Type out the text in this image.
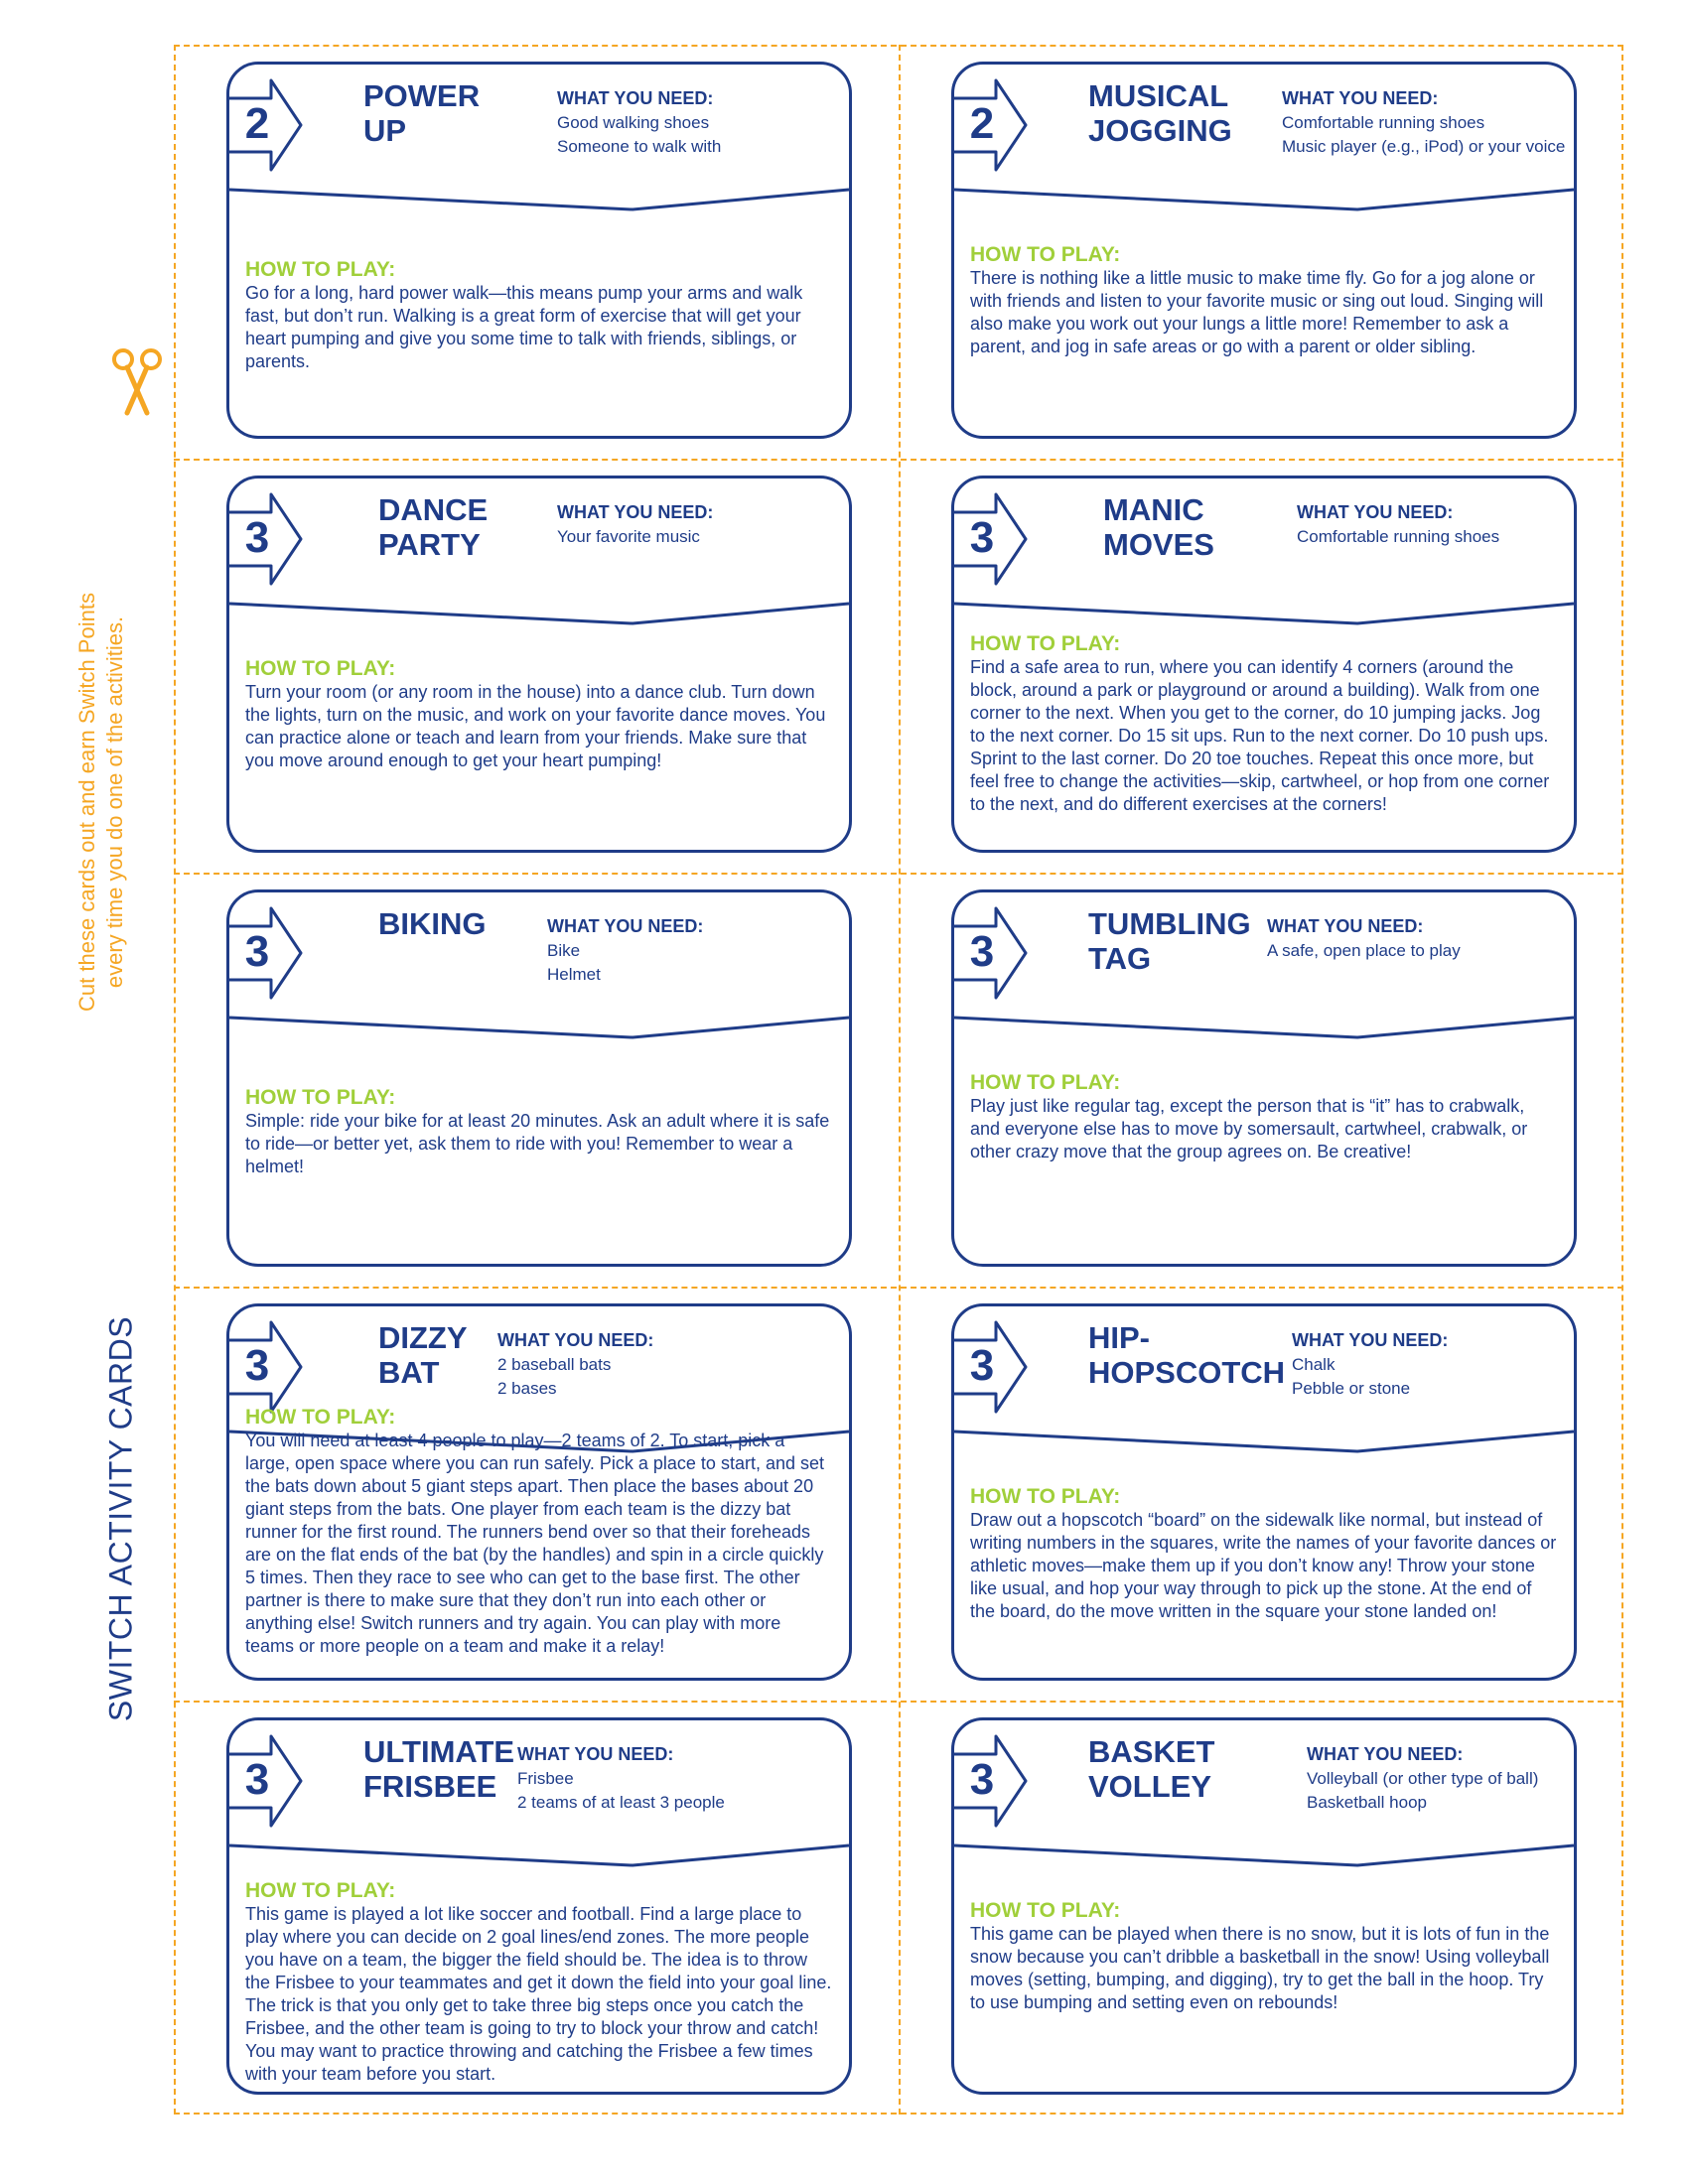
Cut these cards out and earn Switch Points every time you do one of the activities.
SWITCH ACTIVITY CARDS
2
POWER
UP
WHAT YOU NEED:
Good walking shoes
Someone to walk with
HOW TO PLAY:
Go for a long, hard power walk—this means pump your arms and walk fast, but don’t run. Walking is a great form of exercise that will get your heart pumping and give you some time to talk with friends, siblings, or parents.
2
MUSICAL
JOGGING
WHAT YOU NEED:
Comfortable running shoes
Music player (e.g., iPod) or your voice
HOW TO PLAY:
There is nothing like a little music to make time fly. Go for a jog alone or with friends and listen to your favorite music or sing out loud. Singing will also make you work out your lungs a little more! Remember to ask a parent, and jog in safe areas or go with a parent or older sibling.
3
DANCE
PARTY
WHAT YOU NEED:
Your favorite music
HOW TO PLAY:
Turn your room (or any room in the house) into a dance club. Turn down the lights, turn on the music, and work on your favorite dance moves. You can practice alone or teach and learn from your friends. Make sure that you move around enough to get your heart pumping!
3
MANIC
MOVES
WHAT YOU NEED:
Comfortable running shoes
HOW TO PLAY:
Find a safe area to run, where you can identify 4 corners (around the block, around a park or playground or around a building). Walk from one corner to the next. When you get to the corner, do 10 jumping jacks. Jog to the next corner. Do 15 sit ups. Run to the next corner. Do 10 push ups. Sprint to the last corner. Do 20 toe touches. Repeat this once more, but feel free to change the activities—skip, cartwheel, or hop from one corner to the next, and do different exercises at the corners!
3
BIKING	WHAT YOU NEED:
Bike
Helmet
HOW TO PLAY:
Simple: ride your bike for at least 20 minutes. Ask an adult where it is safe to ride—or better yet, ask them to ride with you! Remember to wear a helmet!
3
TUMBLING
TAG
WHAT YOU NEED:
A safe, open place to play
HOW TO PLAY:
Play just like regular tag, except the person that is “it” has to crabwalk, and everyone else has to move by somersault, cartwheel, crabwalk, or other crazy move that the group agrees on. Be creative!
3
DIZZY
BAT
WHAT YOU NEED:
2 baseball bats
2 bases
HOW TO PLAY:
You will need at least 4 people to play—2 teams of 2. To start, pick a large, open space where you can run safely. Pick a place to start, and set the bats down about 5 giant steps apart. Then place the bases about 20 giant steps from the bats. One player from each team is the dizzy bat runner for the first round. The runners bend over so that their foreheads are on the flat ends of the bat (by the handles) and spin in a circle quickly 5 times. Then they race to see who can get to the base first. The other partner is there to make sure that they don’t run into each other or anything else! Switch runners and try again. You can play with more teams or more people on a team and make it a relay!
3
HIP-
HOPSCOTCH
WHAT YOU NEED:
Chalk
Pebble or stone
HOW TO PLAY:
Draw out a hopscotch “board” on the sidewalk like normal, but instead of writing numbers in the squares, write the names of your favorite dances or athletic moves—make them up if you don’t know any! Throw your stone like usual, and hop your way through to pick up the stone. At the end of the board, do the move written in the square your stone landed on!
3
ULTIMATE
FRISBEE
WHAT YOU NEED:
Frisbee
2 teams of at least 3 people
HOW TO PLAY:
This game is played a lot like soccer and football. Find a large place to play where you can decide on 2 goal lines/end zones. The more people you have on a team, the bigger the field should be. The idea is to throw the Frisbee to your teammates and get it down the field into your goal line. The trick is that you only get to take three big steps once you catch the Frisbee, and the other team is going to try to block your throw and catch! You may want to practice throwing and catching the Frisbee a few times with your team before you start.
3
BASKET
VOLLEY
WHAT YOU NEED:
Volleyball (or other type of ball)
Basketball hoop
HOW TO PLAY:
This game can be played when there is no snow, but it is lots of fun in the snow because you can’t dribble a basketball in the snow! Using volleyball moves (setting, bumping, and digging), try to get the ball in the hoop. Try to use bumping and setting even on rebounds!
